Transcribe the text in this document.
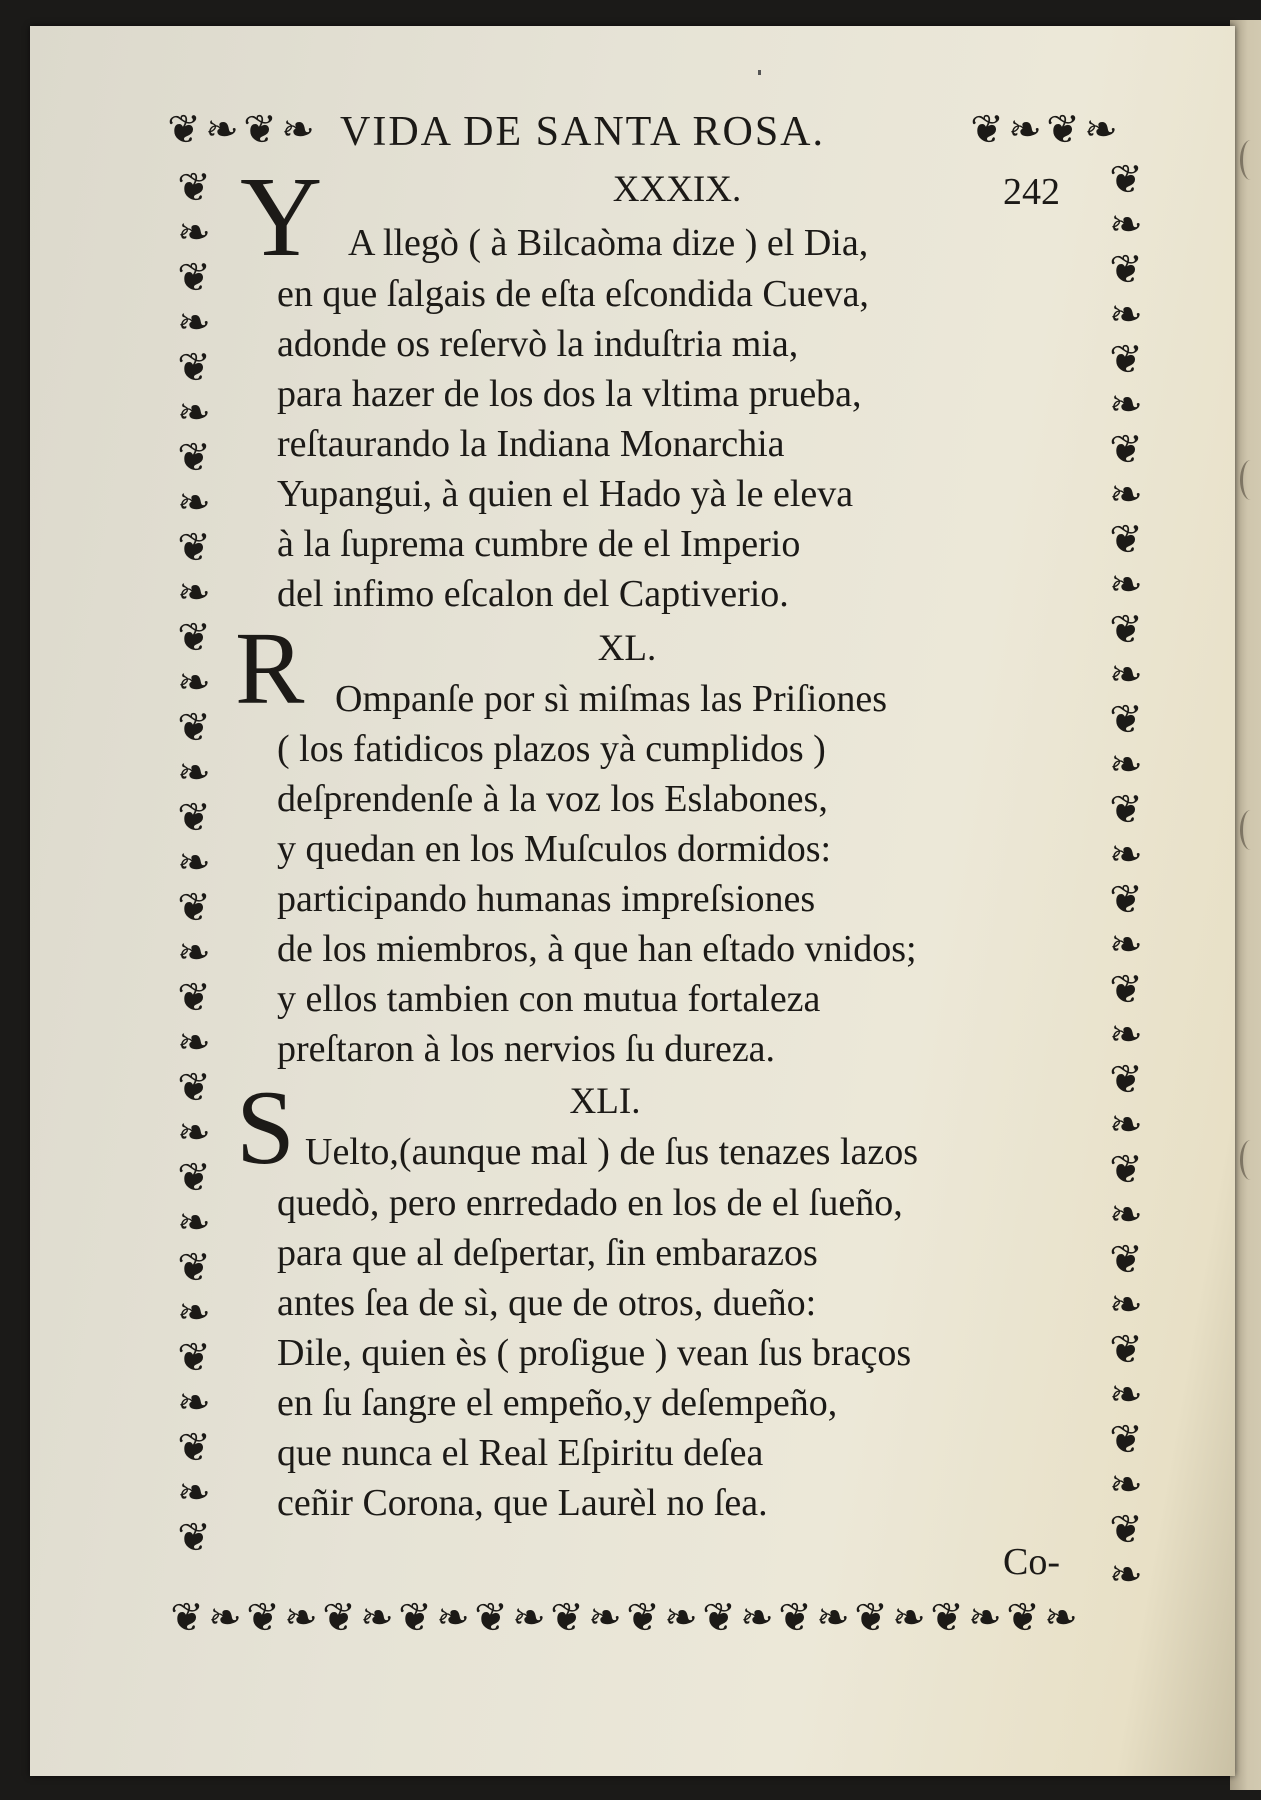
❦ ❧ ❦ ❧	❦ ❧ ❦ ❧
❦
❧
❦
❧
❦
❧
❦
❧
❦
❧
❦
❧
❦
❧
❦
❧
❦
❧
❦
❧
❦
❧
❦
❧
❦
❧
❦
❧
❦
❧
❦
❦
❧
❦
❧
❦
❧
❦
❧
❦
❧
❦
❧
❦
❧
❦
❧
❦
❧
❦
❧
❦
❧
❦
❧
❦
❧
❦
❧
❦
❧
❦
❧
❦ ❧ ❦ ❧ ❦ ❧ ❦ ❧ ❦ ❧ ❦ ❧ ❦ ❧ ❦ ❧ ❦ ❧ ❦ ❧ ❦ ❧ ❦ ❧
VIDA DE SANTA ROSA.
242
XXXIX.
Y A llegò ( à Bilcaòma dize ) el Dia,
en que ſalgais de eſta eſcondida Cueva,
adonde os reſervò la induſtria mia,
para hazer de los dos la vltima prueba,
reſtaurando la Indiana Monarchia
Yupangui, à quien el Hado yà le eleva
à la ſuprema cumbre de el Imperio
del infimo eſcalon del Captiverio.
XL.
R Ompanſe por sì miſmas las Priſiones
( los fatidicos plazos yà cumplidos )
deſprendenſe à la voz los Eslabones,
y quedan en los Muſculos dormidos:
participando humanas impreſsiones
de los miembros, à que han eſtado vnidos;
y ellos tambien con mutua fortaleza
preſtaron à los nervios ſu dureza.
XLI.
S Uelto,(aunque mal ) de ſus tenazes lazos
quedò, pero enrredado en los de el ſueño,
para que al deſpertar, ſin embarazos
antes ſea de sì, que de otros, dueño:
Dile, quien ès ( proſigue ) vean ſus braços
en ſu ſangre el empeño,y deſempeño,
que nunca el Real Eſpiritu deſea
ceñir Corona, que Laurèl no ſea.
Co-
